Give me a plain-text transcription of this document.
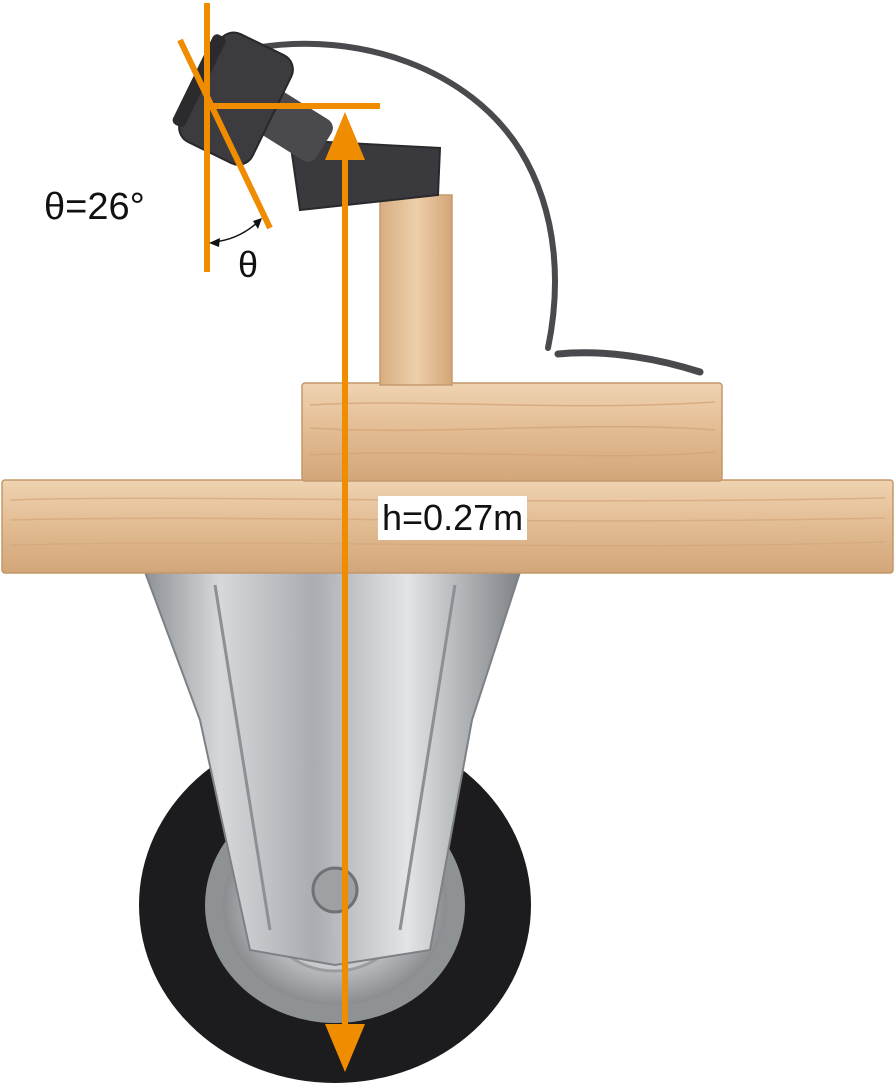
θ=26°
θ
h=0.27m
